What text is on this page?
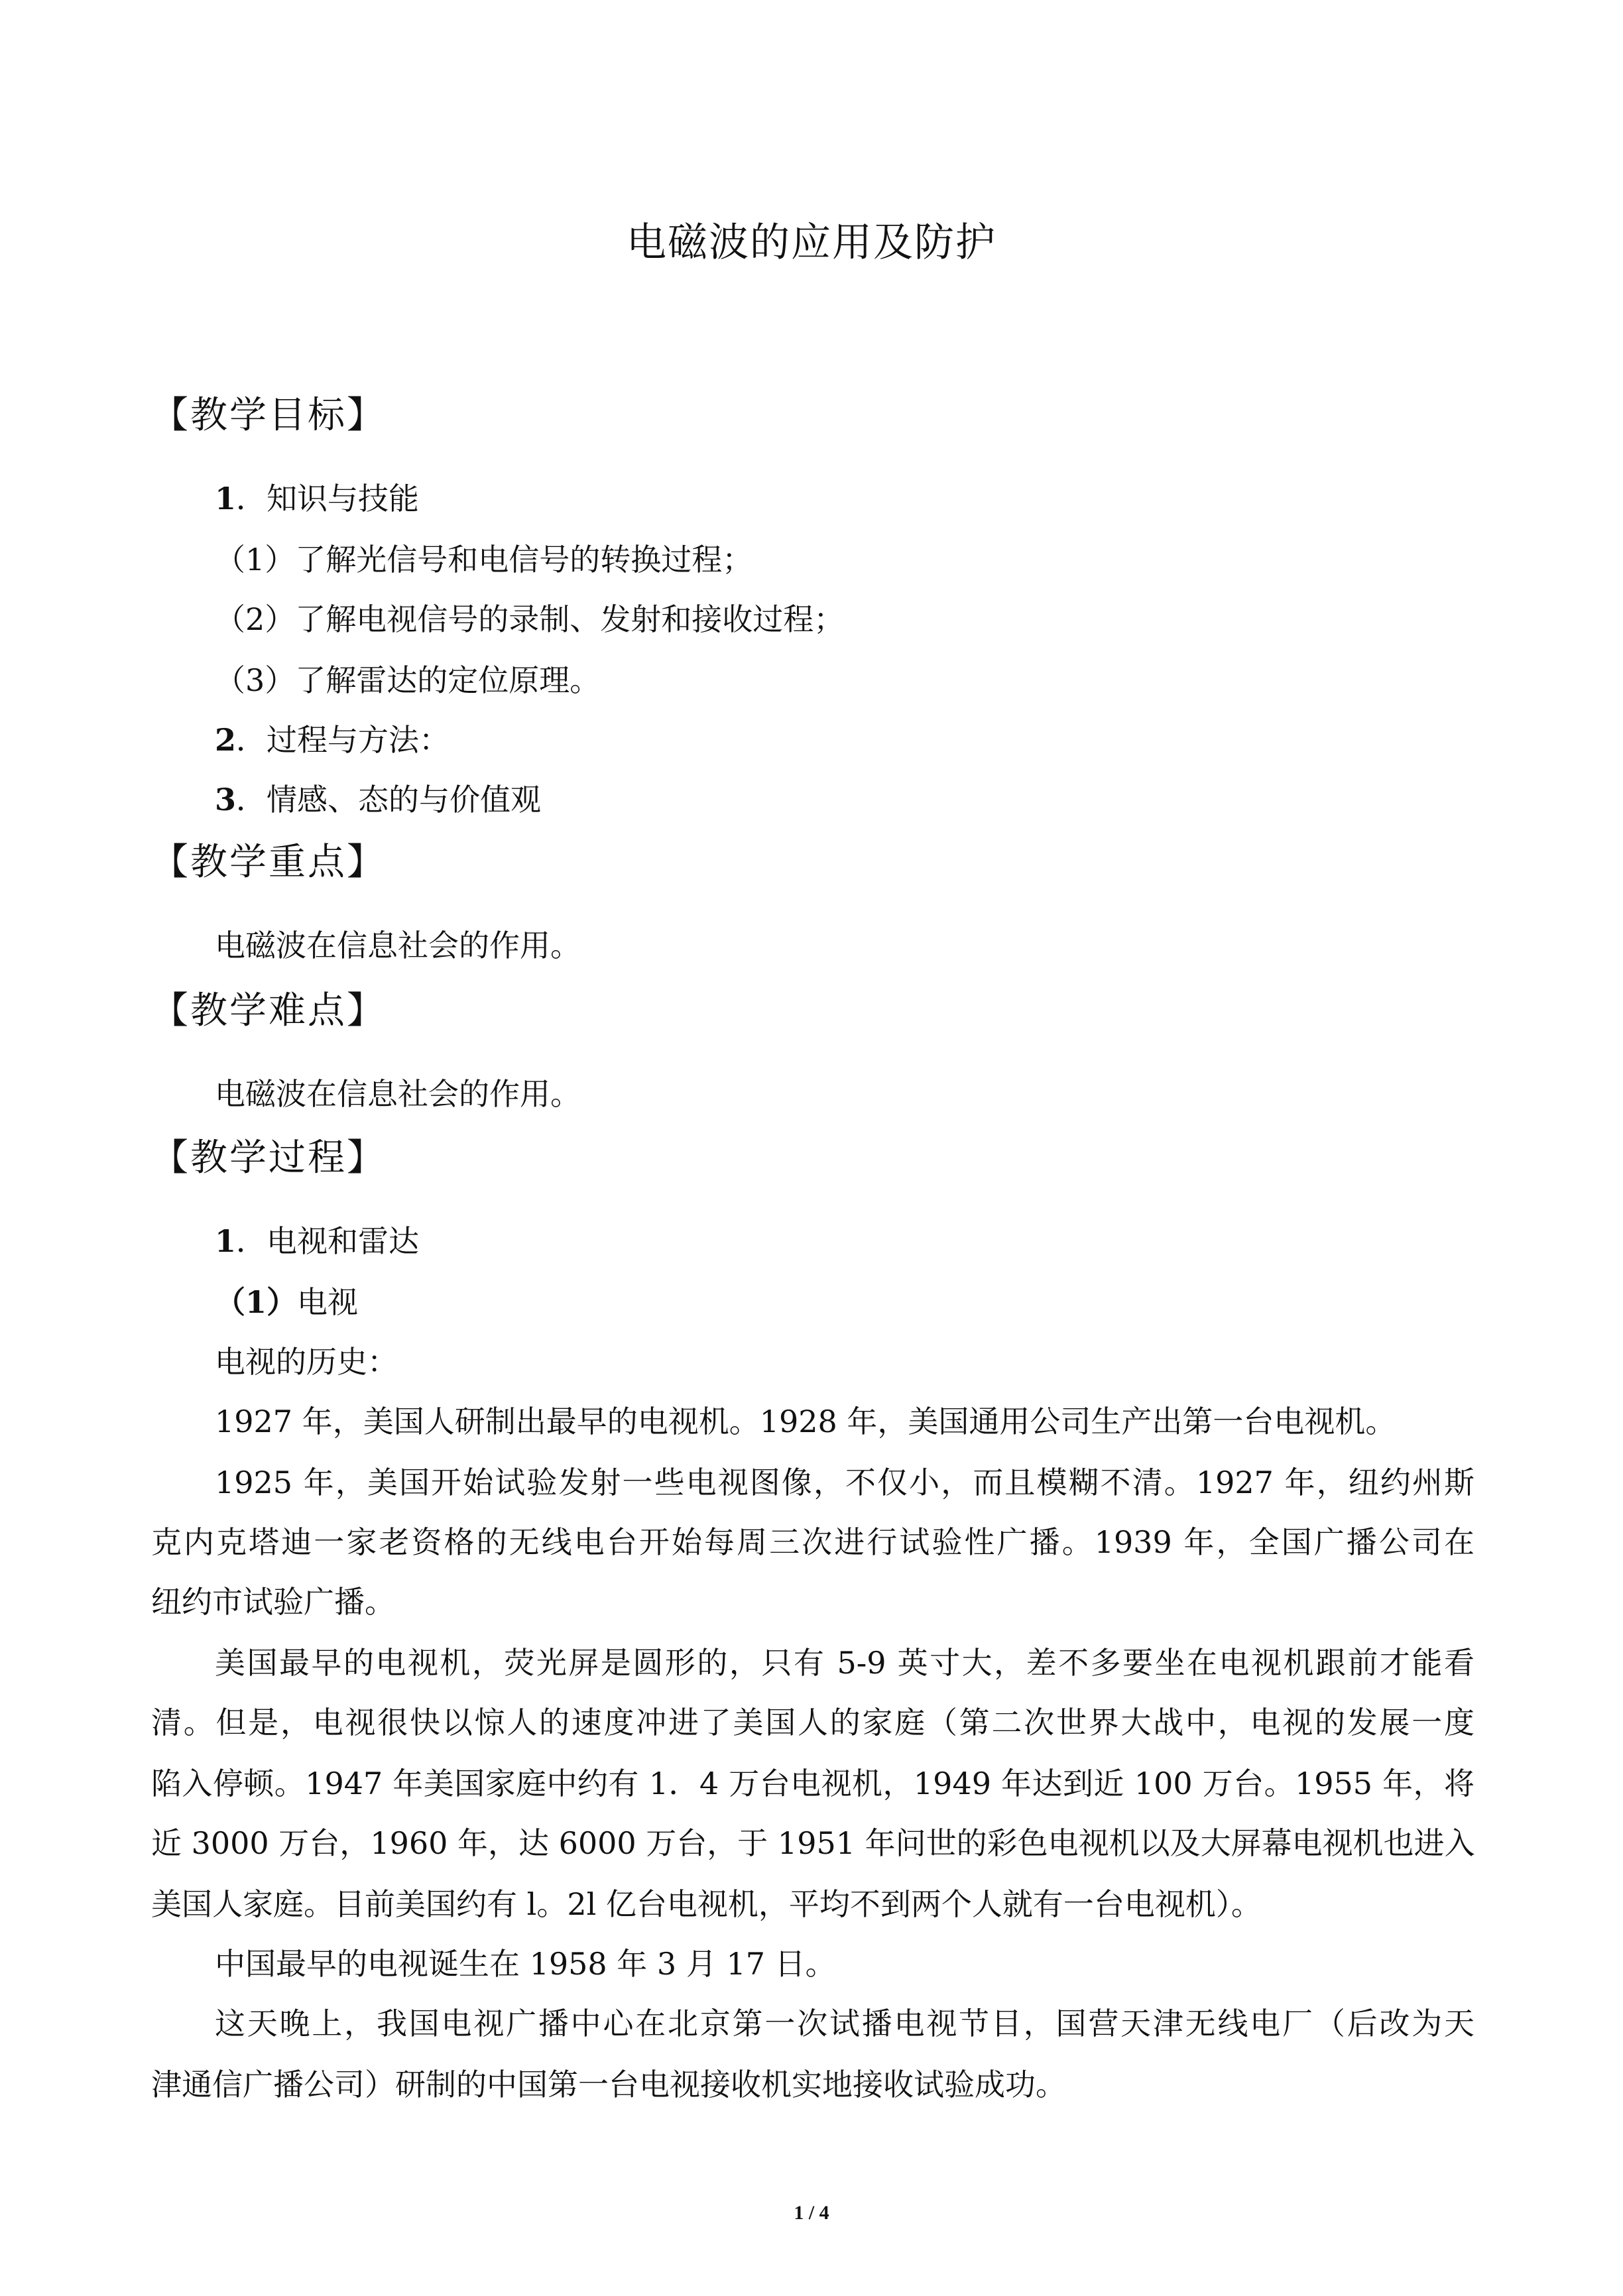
电磁波的应用及防护
【教学目标】
1．知识与技能
（1）了解光信号和电信号的转换过程；
（2）了解电视信号的录制、发射和接收过程；
（3）了解雷达的定位原理。
2．过程与方法：
3．情感、态的与价值观
【教学重点】
电磁波在信息社会的作用。
【教学难点】
电磁波在信息社会的作用。
【教学过程】
1．电视和雷达
（1）电视
电视的历史：
1927 年，美国人研制出最早的电视机。1928 年，美国通用公司生产出第一台电视机。
1925 年，美国开始试验发射一些电视图像，不仅小，而且模糊不清。1927 年，纽约州斯
克内克塔迪一家老资格的无线电台开始每周三次进行试验性广播。1939 年，全国广播公司在
纽约市试验广播。
美国最早的电视机，荧光屏是圆形的，只有 5-9 英寸大，差不多要坐在电视机跟前才能看
清。但是，电视很快以惊人的速度冲进了美国人的家庭（第二次世界大战中，电视的发展一度
陷入停顿。1947 年美国家庭中约有 1．4 万台电视机，1949 年达到近 100 万台。1955 年，将
近 3000 万台，1960 年，达 6000 万台，于 1951 年问世的彩色电视机以及大屏幕电视机也进入
美国人家庭。目前美国约有 l。2l 亿台电视机，平均不到两个人就有一台电视机）。
中国最早的电视诞生在 1958 年 3 月 17 日。
这天晚上，我国电视广播中心在北京第一次试播电视节目，国营天津无线电厂（后改为天
津通信广播公司）研制的中国第一台电视接收机实地接收试验成功。
1 / 4
